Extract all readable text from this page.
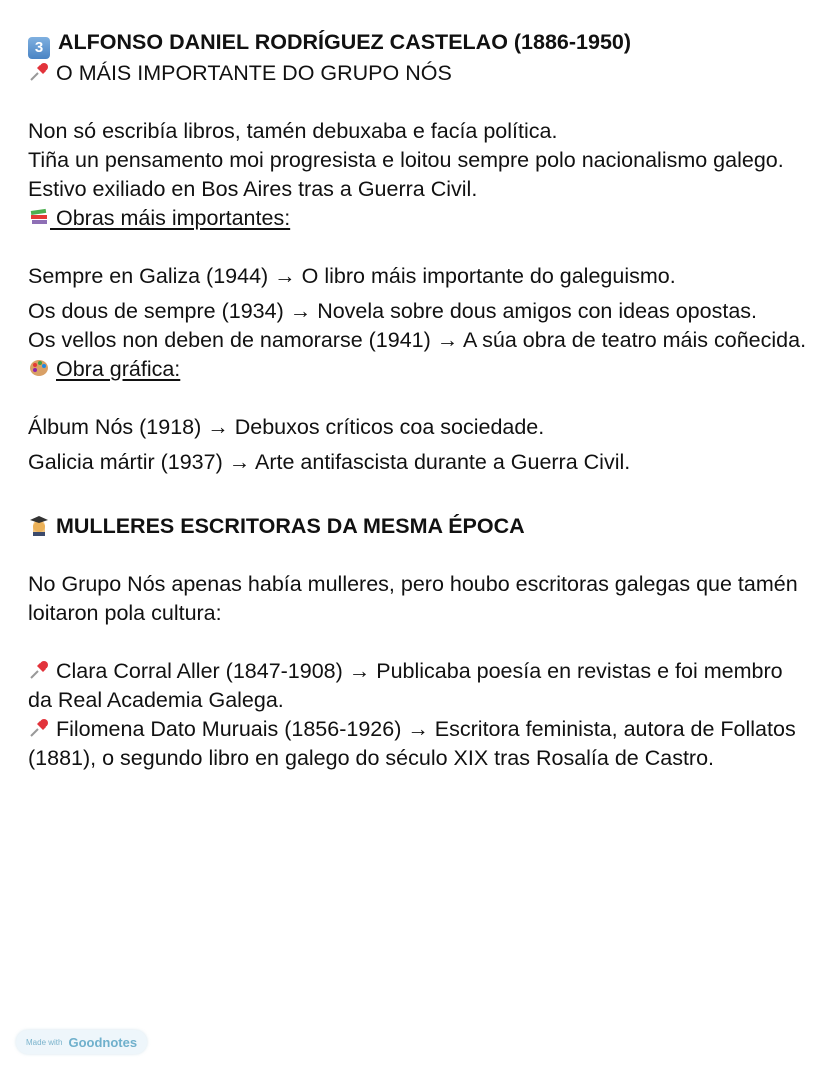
3 ALFONSO DANIEL RODRÍGUEZ CASTELAO (1886-1950)

O MÁIS IMPORTANTE DO GRUPO NÓS

Non só escribía libros, tamén debuxaba e facía política.

Tiña un pensamento moi progresista e loitou sempre polo nacionalismo galego.

Estivo exiliado en Bos Aires tras a Guerra Civil.

Obras máis importantes:

Sempre en Galiza (1944) → O libro máis importante do galeguismo.

Os dous de sempre (1934) → Novela sobre dous amigos con ideas opostas.

Os vellos non deben de namorarse (1941) → A súa obra de teatro máis coñecida.

Obra gráfica:

Álbum Nós (1918) → Debuxos críticos coa sociedade.

Galicia mártir (1937) → Arte antifascista durante a Guerra Civil.

MULLERES ESCRITORAS DA MESMA ÉPOCA

No Grupo Nós apenas había mulleres, pero houbo escritoras galegas que tamén loitaron pola cultura:

Clara Corral Aller (1847-1908) → Publicaba poesía en revistas e foi membro da Real Academia Galega.

Filomena Dato Muruais (1856-1926) → Escritora feminista, autora de Follatos (1881), o segundo libro en galego do século XIX tras Rosalía de Castro.

Made with Goodnotes
